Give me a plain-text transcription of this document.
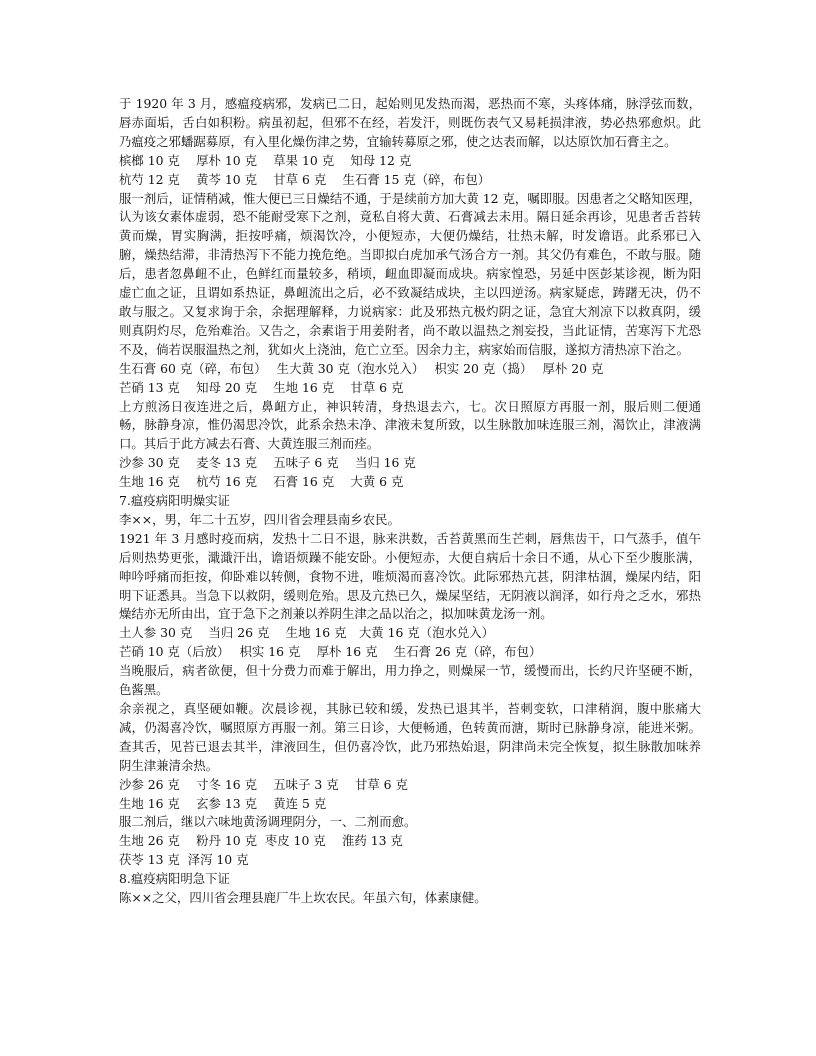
于 1920 年 3 月，感瘟疫病邪，发病已二日，起始则见发热而渴，恶热而不寒，头疼体痛，脉浮弦而数，唇赤面垢，舌白如积粉。病虽初起，但邪不在经，若发汗，则既伤表气又易耗损津液，势必热邪愈炽。此乃瘟疫之邪蟠踞募原，有入里化燥伤津之势，宜输转募原之邪，使之达表而解，以达原饮加石膏主之。

槟榔 10 克　 厚朴 10 克　 草果 10 克　 知母 12 克

杭芍 12 克　 黄芩 10 克　 甘草 6 克　 生石膏 15 克（碎，布包）

服一剂后，证情稍减，惟大便已三日燥结不通，于是续前方加大黄 12 克，嘱即服。因患者之父略知医理，认为该女素体虚弱，恐不能耐受寒下之剂，竟私自将大黄、石膏减去未用。隔日延余再诊，见患者舌苔转黄而燥，胃实胸满，拒按呼痛，烦渴饮冷，小便短赤，大便仍燥结，壮热未解，时发谵语。此系邪已入腑，燥热结滞，非清热泻下不能力挽危绝。当即拟白虎加承气汤合方一剂。其父仍有难色，不敢与服。随后，患者忽鼻衄不止，色鲜红而量较多，稍顷，衄血即凝而成块。病家惶恐，另延中医彭某诊视，断为阳虚亡血之证，且谓如系热证，鼻衄流出之后，必不致凝结成块，主以四逆汤。病家疑虑，踌躇无决，仍不敢与服之。又复求询于余，余据理解释，力说病家：此及邪热亢极灼阴之证，急宜大剂凉下以救真阴，缓则真阴灼尽，危殆难治。又告之，余素诣于用姜附者，尚不敢以温热之剂妄投，当此证情，苦寒泻下尤恐不及，倘若误服温热之剂，犹如火上浇油，危亡立至。因余力主，病家始而信服，遂拟方清热凉下治之。

生石膏 60 克（碎，布包）　 生大黄 30 克（泡水兑入）　 枳实 20 克（捣）　 厚朴 20 克

芒硝 13 克　 知母 20 克　 生地 16 克　 甘草 6 克

上方煎汤日夜连进之后，鼻衄方止，神识转清，身热退去六，七。次日照原方再服一剂，服后则二便通畅，脉静身凉，惟仍渴思冷饮，此系余热未净、津液未复所致，以生脉散加味连服三剂，渴饮止，津液满口。其后于此方减去石膏、大黄连服三剂而痊。

沙参 30 克　 麦冬 13 克　 五味子 6 克　 当归 16 克

生地 16 克　 杭芍 16 克　 石膏 16 克　 大黄 6 克

7.瘟疫病阳明燥实证

李××，男，年二十五岁，四川省会理县南乡农民。

1921 年 3 月感时疫而病，发热十二日不退，脉来洪数，舌苔黄黑而生芒刺，唇焦齿干，口气蒸手，值午后则热势更张，濈濈汗出，谵语烦躁不能安卧。小便短赤，大便自病后十余日不通，从心下至少腹胀满，呻吟呼痛而拒按，仰卧难以转侧，食物不进，唯烦渴而喜冷饮。此际邪热亢甚，阴津枯涸，燥屎内结，阳明下证悉具。当急下以救阴，缓则危殆。思及亢热已久，燥屎坚结，无阴液以润泽，如行舟之乏水，邪热燥结亦无所由出，宜于急下之剂兼以养阴生津之品以治之，拟加味黄龙汤一剂。

土人参 30 克　 当归 26 克　 生地 16 克　大黄 16 克（泡水兑入）

芒硝 10 克（后放）　 枳实 16 克　 厚朴 16 克　 生石膏 26 克（碎，布包）

当晚服后，病者欲便，但十分费力而难于解出，用力挣之，则燥屎一节，缓慢而出，长约尺许坚硬不断，色酱黑。

余亲视之，真坚硬如鞭。次晨诊视，其脉已较和缓，发热已退其半，苔刺变软，口津稍润，腹中胀痛大减，仍渴喜冷饮，嘱照原方再服一剂。第三日诊，大便畅通，色转黄而溏，斯时已脉静身凉，能进米粥。查其舌，见苔已退去其半，津液回生，但仍喜冷饮，此乃邪热始退，阴津尚未完全恢复，拟生脉散加味养阴生津兼清余热。

沙参 26 克　 寸冬 16 克　 五味子 3 克　 甘草 6 克

生地 16 克　 玄参 13 克　 黄连 5 克

服二剂后，继以六味地黄汤调理阴分，一、二剂而愈。

生地 26 克　 粉丹 10 克  枣皮 10 克　 淮药 13 克

茯苓 13 克  泽泻 10 克

8.瘟疫病阳明急下证

陈××之父，四川省会理县鹿厂牛上坎农民。年虽六旬，体素康健。
